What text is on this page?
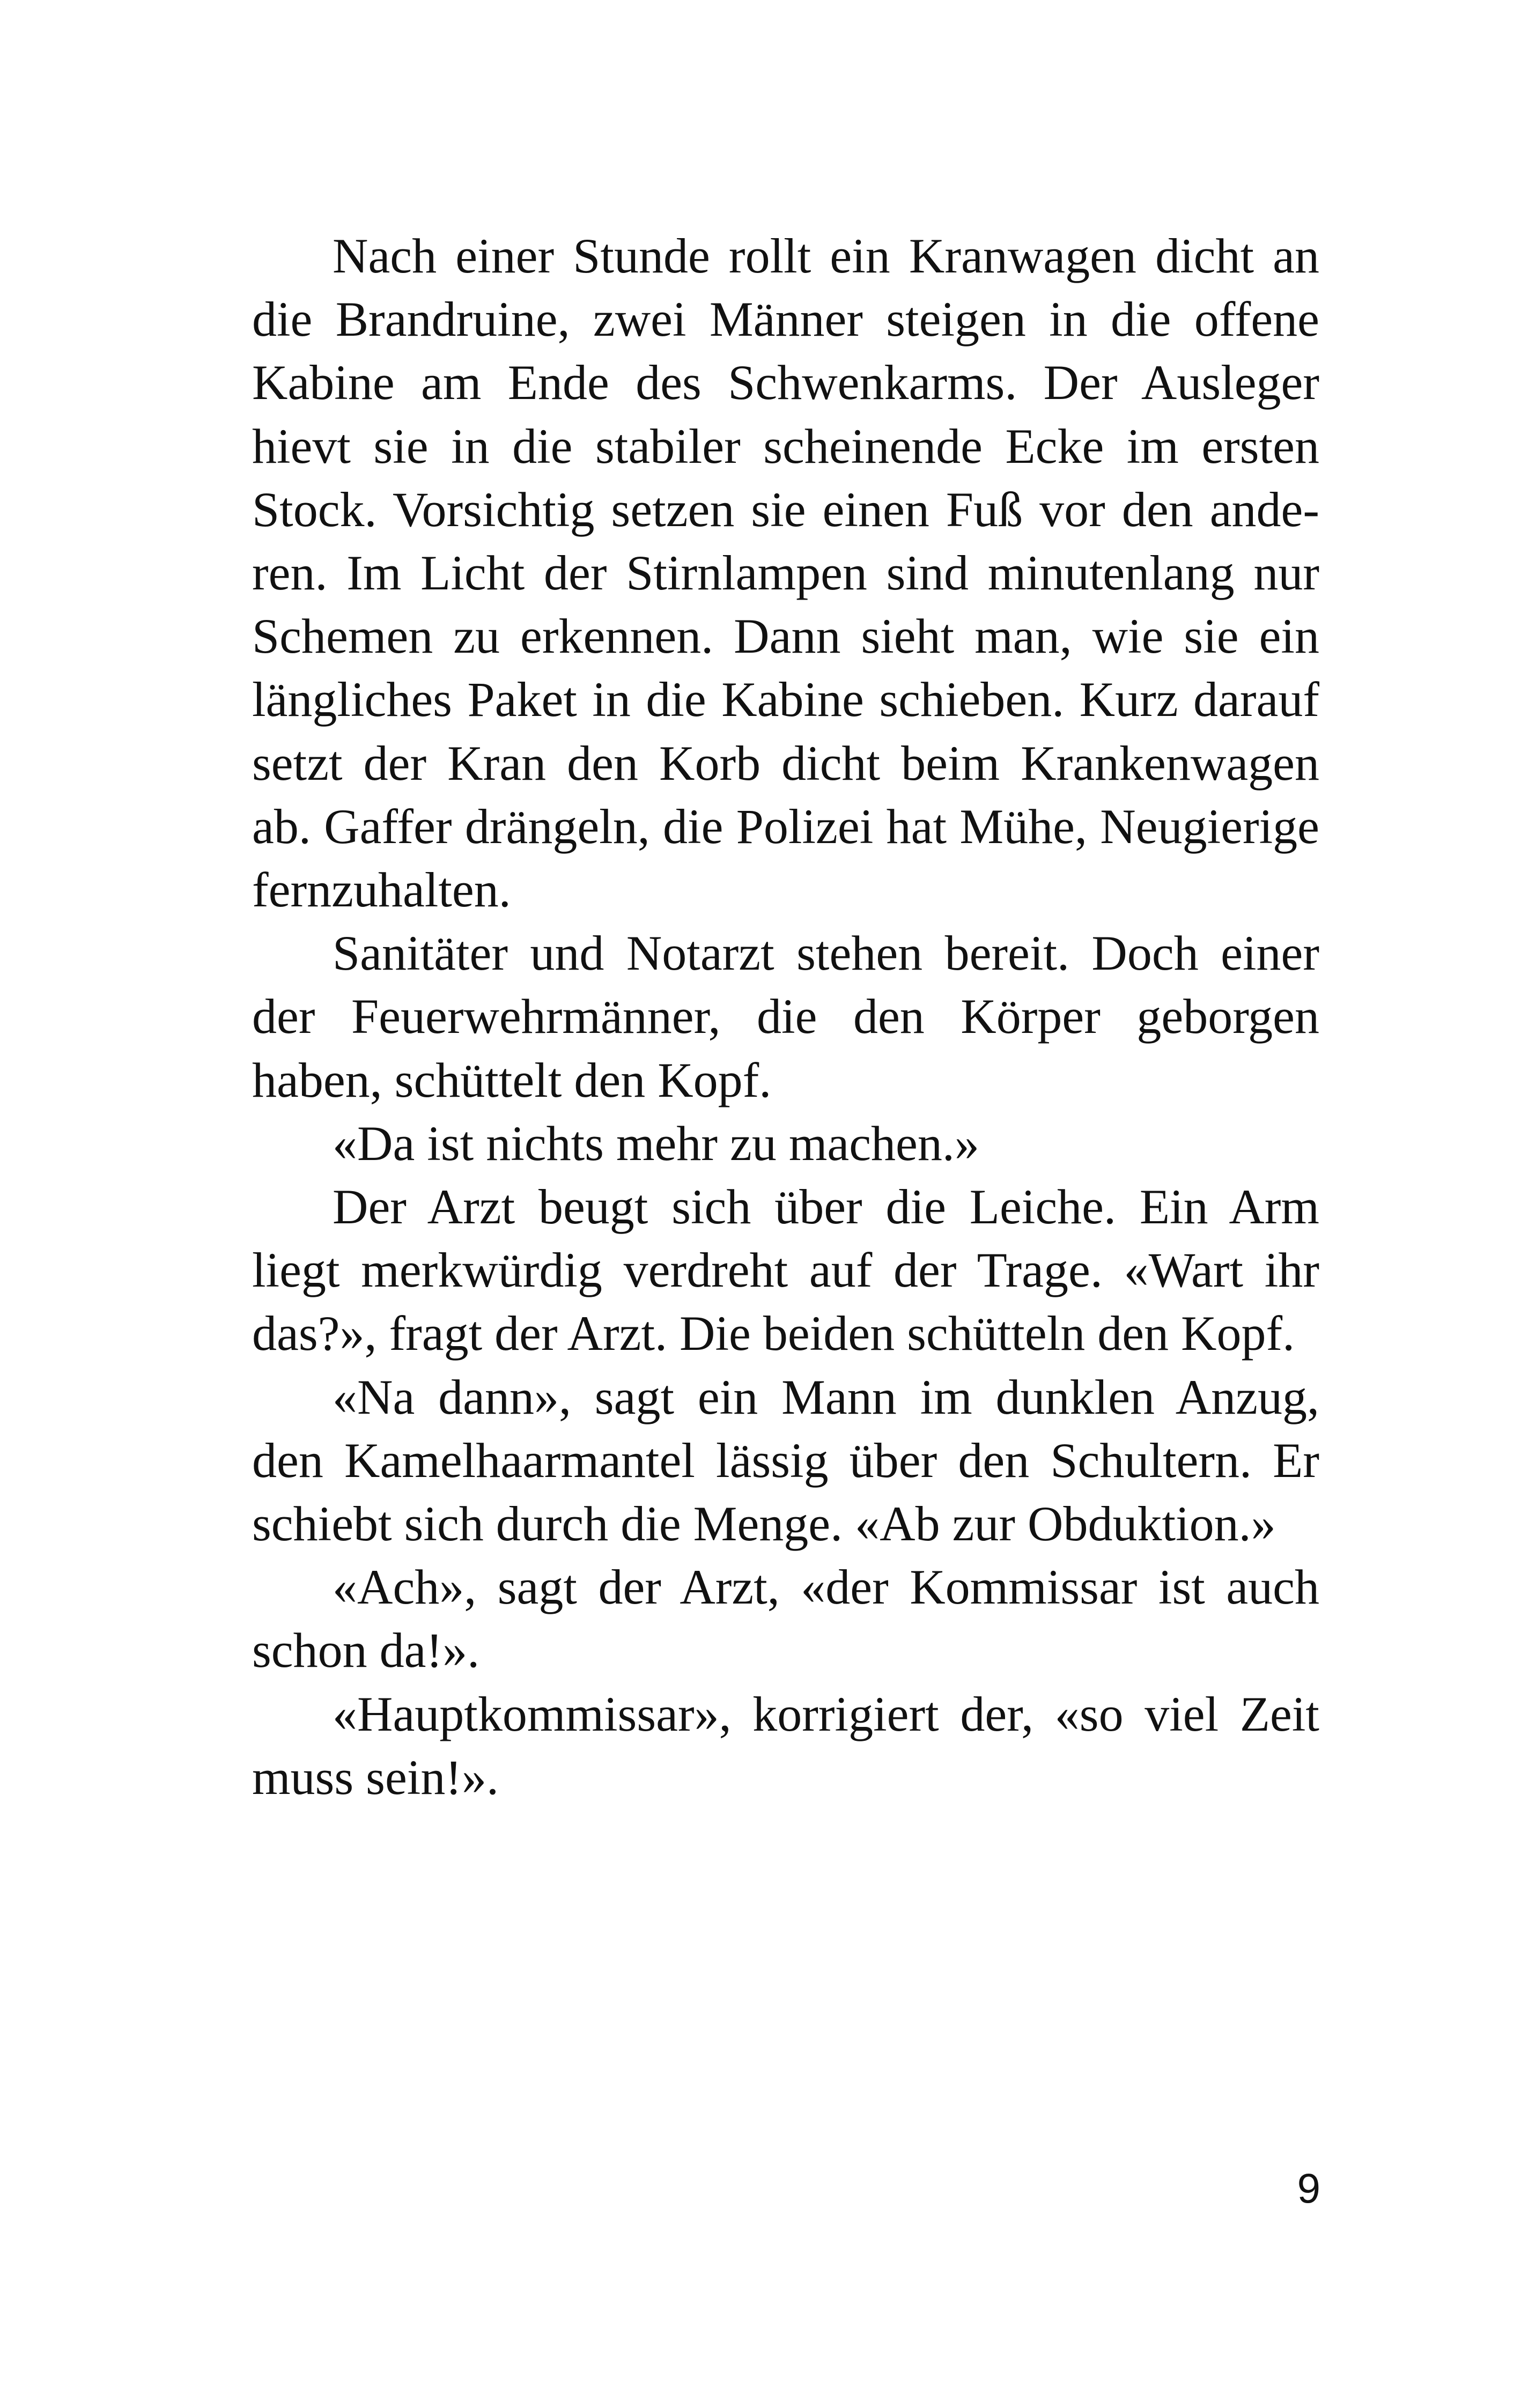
Nach einer Stunde rollt ein Kranwagen dicht an die Brandruine, zwei Männer steigen in die offene Kabine am Ende des Schwenkarms. Der Ausleger hievt sie in die stabiler scheinende Ecke im ersten Stock. Vorsichtig setzen sie einen Fuß vor den anderen. Im Licht der Stirnlampen sind minutenlang nur Schemen zu erkennen. Dann sieht man, wie sie ein längliches Paket in die Kabine schieben. Kurz darauf setzt der Kran den Korb dicht beim Krankenwagen ab. Gaffer drängeln, die Polizei hat Mühe, Neugierige fernzuhalten.

Sanitäter und Notarzt stehen bereit. Doch einer der Feuerwehrmänner, die den Körper geborgen haben, schüttelt den Kopf.

«Da ist nichts mehr zu machen.»

Der Arzt beugt sich über die Leiche. Ein Arm liegt merkwürdig verdreht auf der Trage. «Wart ihr das?», fragt der Arzt. Die beiden schütteln den Kopf.

«Na dann», sagt ein Mann im dunklen Anzug, den Kamelhaarmantel lässig über den Schultern. Er schiebt sich durch die Menge. «Ab zur Obduktion.»

«Ach», sagt der Arzt, «der Kommissar ist auch schon da!».

«Hauptkommissar», korrigiert der, «so viel Zeit muss sein!».

9
